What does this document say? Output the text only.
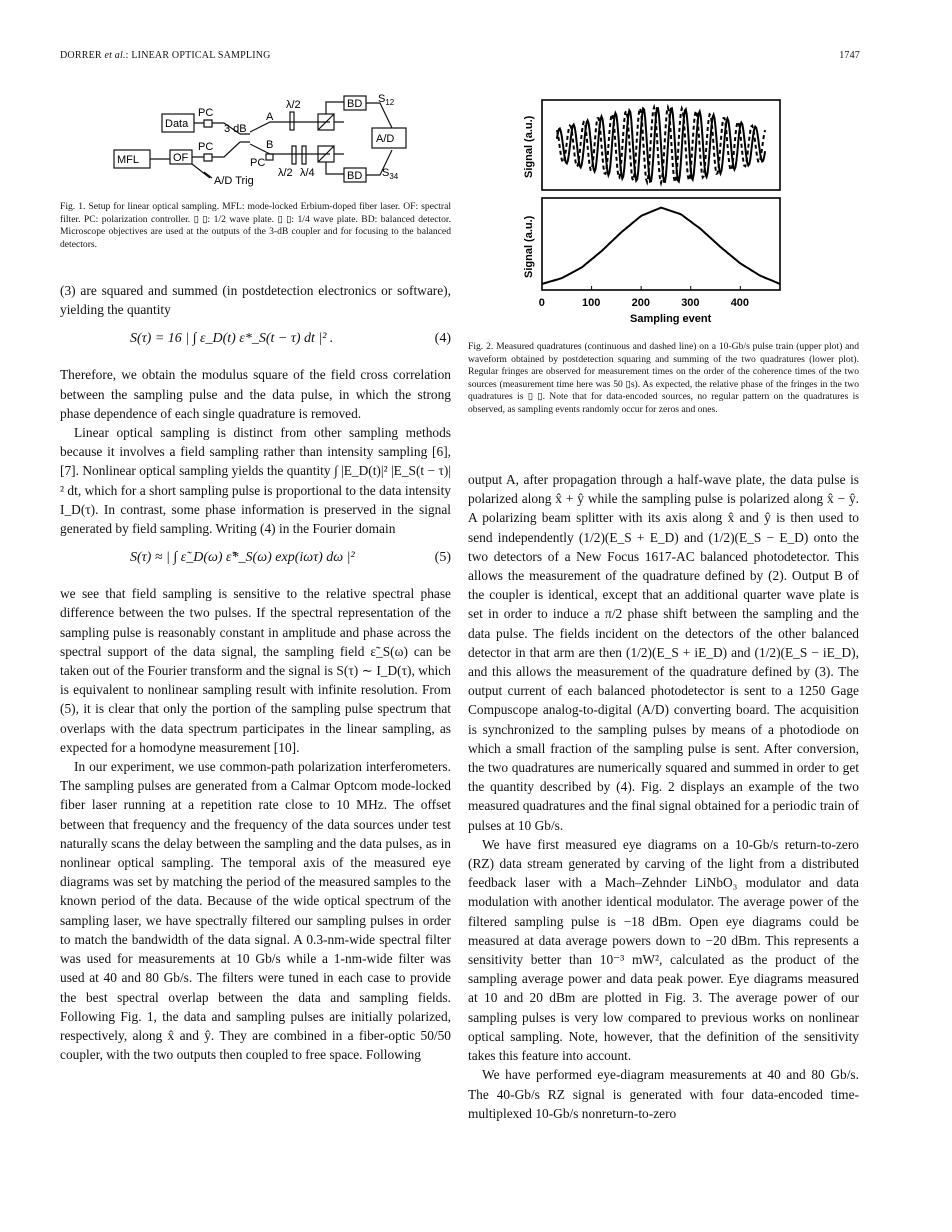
DORRER et al.: LINEAR OPTICAL SAMPLING	1747
Data
MFL	OF
PC
PC
PC
3 dB
A/D Trig
A
B
λ/2
λ/2 λ/4
BD
BD
$S_{12}$
$S_{34}$
A/D
Fig. 1. Setup for linear optical sampling. MFL: mode-locked Erbium-doped fiber laser. OF: spectral filter. PC: polarization controller. ▯ ▯: 1/2 wave plate. ▯ ▯: 1/4 wave plate. BD: balanced detector. Microscope objectives are used at the outputs of the 3-dB coupler and for focusing to the balanced detectors.
Signal (a.u.)
Signal (a.u.)
0	100	200	300	400
Sampling event
Fig. 2. Measured quadratures (continuous and dashed line) on a 10-Gb/s pulse train (upper plot) and waveform obtained by postdetection squaring and summing of the two quadratures (lower plot). Regular fringes are observed for measurement times on the order of the coherence times of the two sources (measurement time here was 50 ▯s). As expected, the relative phase of the fringes in the two quadratures is ▯ ▯. Note that for data-encoded sources, no regular pattern on the quadratures is observed, as sampling events randomly occur for zeros and ones.

(3) are squared and summed (in postdetection electronics or software), yielding the quantity

S(τ) = 16 | ∫ ε_D(t) ε*_S(t − τ) dt |² .	(4)

Therefore, we obtain the modulus square of the field cross correlation between the sampling pulse and the data pulse, in which the strong phase dependence of each single quadrature is removed.

Linear optical sampling is distinct from other sampling methods because it involves a field sampling rather than intensity sampling [6], [7]. Nonlinear optical sampling yields the quantity ∫ |E_D(t)|² |E_S(t − τ)|² dt, which for a short sampling pulse is proportional to the data intensity I_D(τ). In contrast, some phase information is preserved in the signal generated by field sampling. Writing (4) in the Fourier domain

S(τ) ≈ | ∫ ε̃_D(ω) ε̃*_S(ω) exp(iωτ) dω |²	(5)

we see that field sampling is sensitive to the relative spectral phase difference between the two pulses. If the spectral representation of the sampling pulse is reasonably constant in amplitude and phase across the spectral support of the data signal, the sampling field ε̃_S(ω) can be taken out of the Fourier transform and the signal is S(τ) ∼ I_D(τ), which is equivalent to nonlinear sampling result with infinite resolution. From (5), it is clear that only the portion of the sampling pulse spectrum that overlaps with the data spectrum participates in the linear sampling, as expected for a homodyne measurement [10].

In our experiment, we use common-path polarization interferometers. The sampling pulses are generated from a Calmar Optcom mode-locked fiber laser running at a repetition rate close to 10 MHz. The offset between that frequency and the frequency of the data sources under test naturally scans the delay between the sampling and the data pulses, as in nonlinear optical sampling. The temporal axis of the measured eye diagrams was set by matching the period of the measured samples to the known period of the data. Because of the wide optical spectrum of the sampling laser, we have spectrally filtered our sampling pulses in order to match the bandwidth of the data signal. A 0.3-nm-wide spectral filter was used for measurements at 10 Gb/s while a 1-nm-wide filter was used at 40 and 80 Gb/s. The filters were tuned in each case to provide the best spectral overlap between the data and sampling fields. Following Fig. 1, the data and sampling pulses are initially polarized, respectively, along x̂ and ŷ. They are combined in a fiber-optic 50/50 coupler, with the two outputs then coupled to free space. Following

output A, after propagation through a half-wave plate, the data pulse is polarized along x̂ + ŷ while the sampling pulse is polarized along x̂ − ŷ. A polarizing beam splitter with its axis along x̂ and ŷ is then used to send independently (1/2)(E_S + E_D) and (1/2)(E_S − E_D) onto the two detectors of a New Focus 1617-AC balanced photodetector. This allows the measurement of the quadrature defined by (2). Output B of the coupler is identical, except that an additional quarter wave plate is set in order to induce a π/2 phase shift between the sampling and the data pulse. The fields incident on the detectors of the other balanced detector in that arm are then (1/2)(E_S + iE_D) and (1/2)(E_S − iE_D), and this allows the measurement of the quadrature defined by (3). The output current of each balanced photodetector is sent to a 1250 Gage Compuscope analog-to-digital (A/D) converting board. The acquisition is synchronized to the sampling pulses by means of a photodiode on which a small fraction of the sampling pulse is sent. After conversion, the two quadratures are numerically squared and summed in order to get the quantity described by (4). Fig. 2 displays an example of the two measured quadratures and the final signal obtained for a periodic train of pulses at 10 Gb/s.

We have first measured eye diagrams on a 10-Gb/s return-to-zero (RZ) data stream generated by carving of the light from a distributed feedback laser with a Mach–Zehnder LiNbO₃ modulator and data modulation with another identical modulator. The average power of the filtered sampling pulse is −18 dBm. Open eye diagrams could be measured at data average powers down to −20 dBm. This represents a sensitivity better than 10⁻³ mW², calculated as the product of the sampling average power and data peak power. Eye diagrams measured at 10 and 20 dBm are plotted in Fig. 3. The average power of our sampling pulses is very low compared to previous works on nonlinear optical sampling. Note, however, that the definition of the sensitivity takes this feature into account.

We have performed eye-diagram measurements at 40 and 80 Gb/s. The 40-Gb/s RZ signal is generated with four data-encoded time-multiplexed 10-Gb/s nonreturn-to-zero
